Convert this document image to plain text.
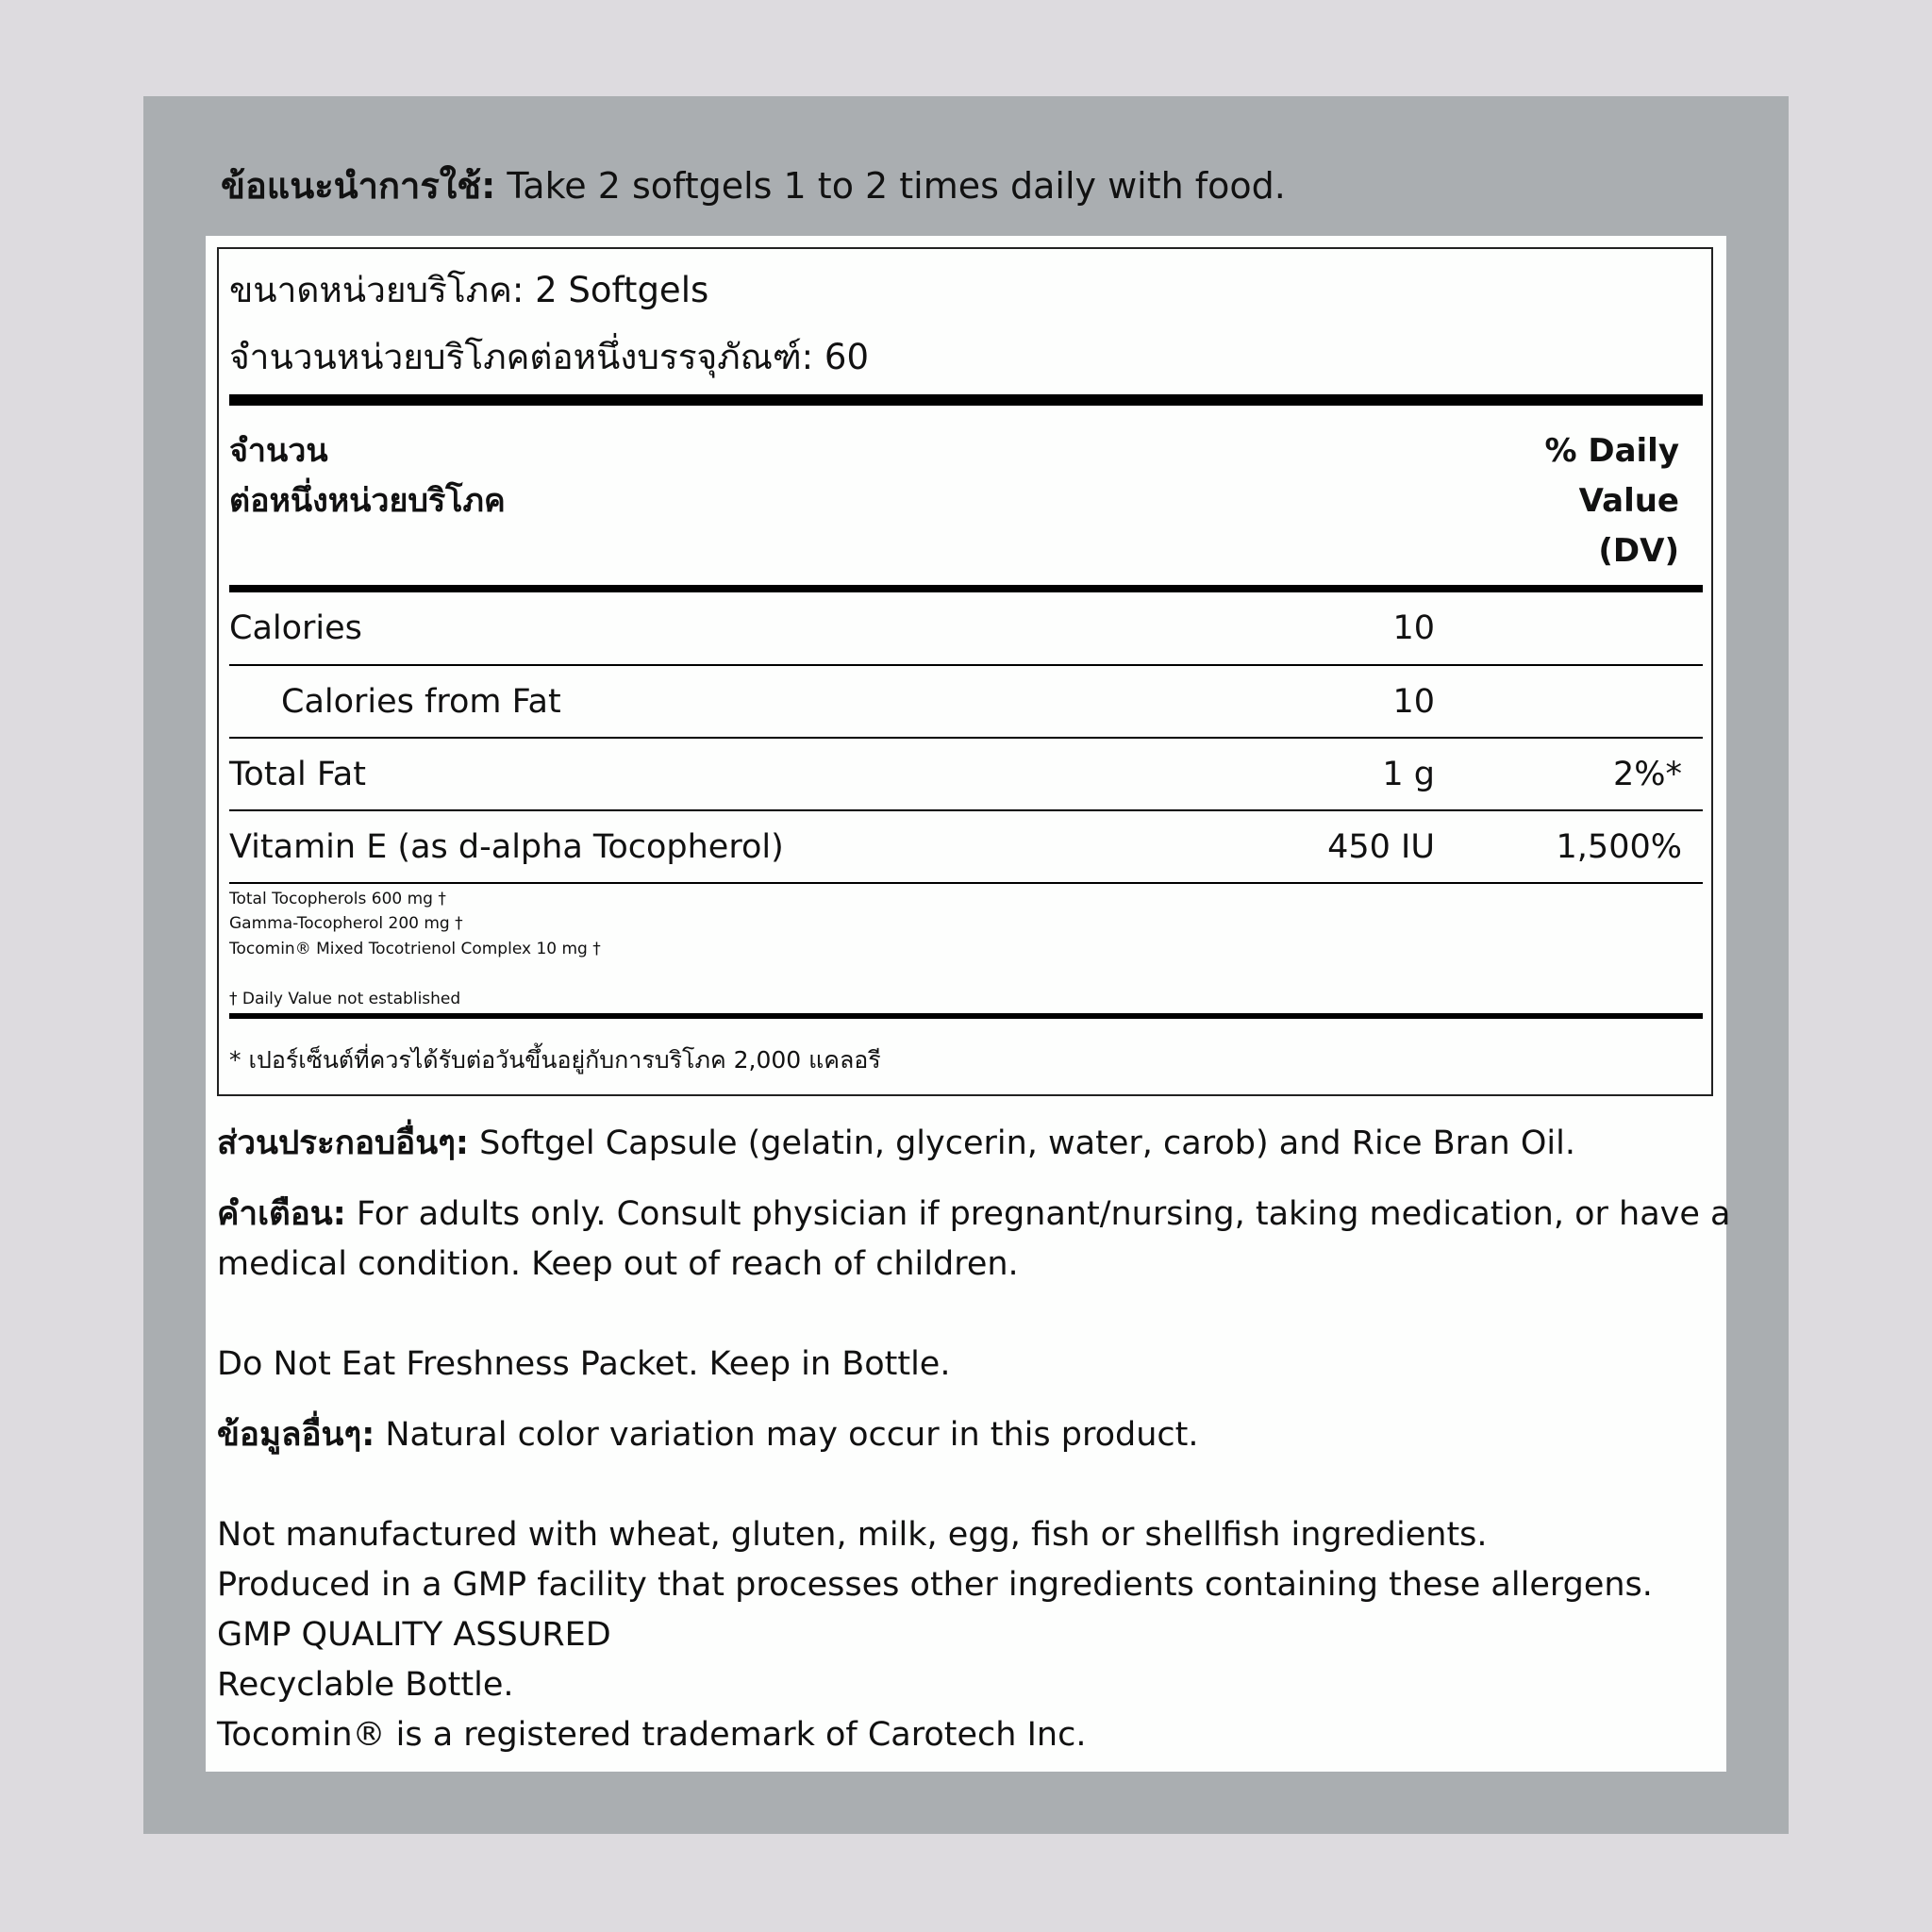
ข้อแนะนำการใช้: Take 2 softgels 1 to 2 times daily with food.
ขนาดหน่วยบริโภค: 2 Softgels
จำนวนหน่วยบริโภคต่อหนึ่งบรรจุภัณฑ์: 60
จำนวน
ต่อหนึ่งหน่วยบริโภค
% Daily
Value
(DV)
Calories	10
Calories from Fat	10
Total Fat	1 g	2%*
Vitamin E (as d-alpha Tocopherol)	450 IU	1,500%
Total Tocopherols 600 mg †
Gamma-Tocopherol 200 mg †
Tocomin® Mixed Tocotrienol Complex 10 mg †
† Daily Value not established
* เปอร์เซ็นต์ที่ควรได้รับต่อวันขึ้นอยู่กับการบริโภค 2,000 แคลอรี
ส่วนประกอบอื่นๆ: Softgel Capsule (gelatin, glycerin, water, carob) and Rice Bran Oil.
คำเตือน: For adults only. Consult physician if pregnant/nursing, taking medication, or have a
medical condition. Keep out of reach of children.
Do Not Eat Freshness Packet. Keep in Bottle.
ข้อมูลอื่นๆ: Natural color variation may occur in this product.
Not manufactured with wheat, gluten, milk, egg, fish or shellfish ingredients.
Produced in a GMP facility that processes other ingredients containing these allergens.
GMP QUALITY ASSURED
Recyclable Bottle.
Tocomin® is a registered trademark of Carotech Inc.
